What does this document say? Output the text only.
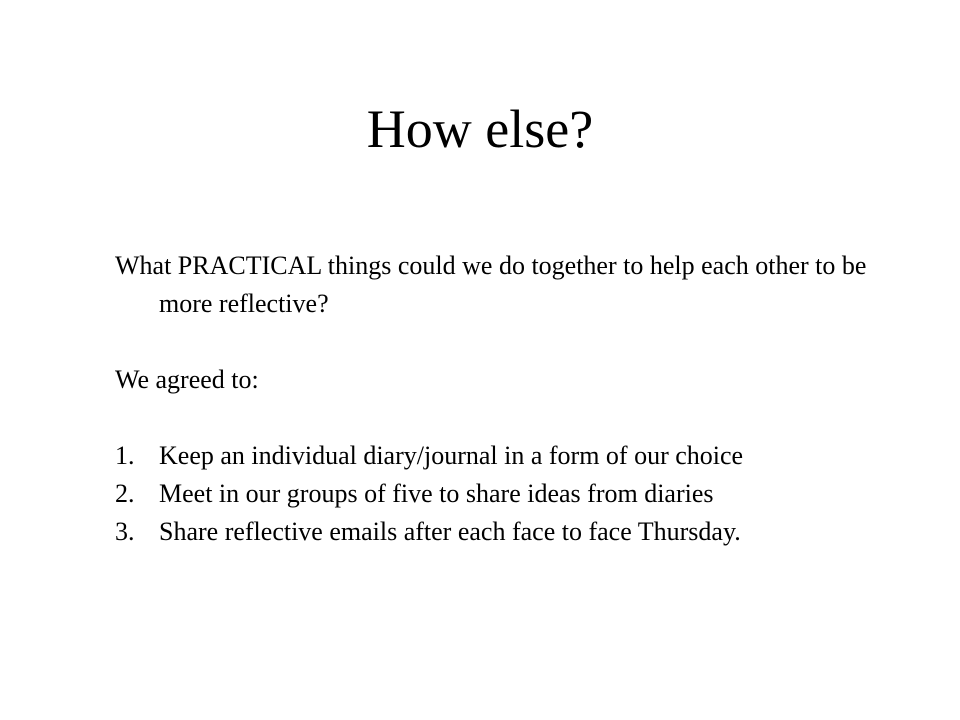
How else?

What PRACTICAL things could we do together to help each other to be more reflective?

We agreed to:

1. Keep an individual diary/journal in a form of our choice
2. Meet in our groups of five to share ideas from diaries
3. Share reflective emails after each face to face Thursday.
